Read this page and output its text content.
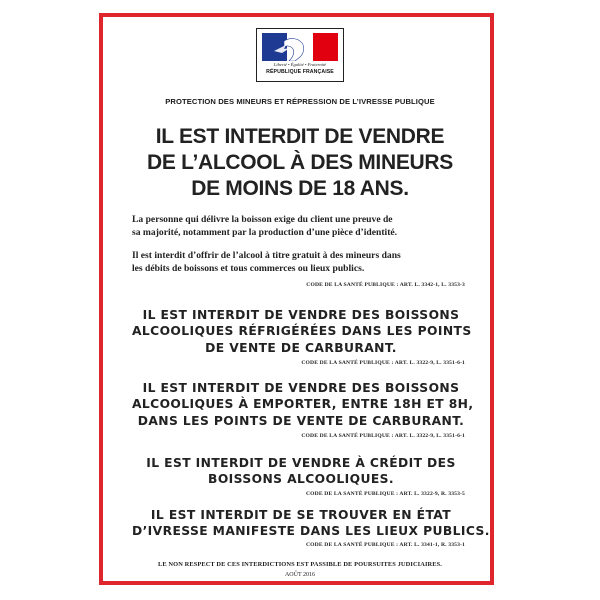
Liberté • Égalité • Fraternité
RÉPUBLIQUE FRANÇAISE
PROTECTION DES MINEURS ET RÉPRESSION DE L’IVRESSE PUBLIQUE
IL EST INTERDIT DE VENDRE
DE L’ALCOOL À DES MINEURS
DE MOINS DE 18 ANS.
La personne qui délivre la boisson exige du client une preuve de
sa majorité, notamment par la production d’une pièce d’identité.
Il est interdit d’offrir de l’alcool à titre gratuit à des mineurs dans
les débits de boissons et tous commerces ou lieux publics.
CODE DE LA SANTÉ PUBLIQUE : ART. L. 3342-1, L. 3353-3
IL EST INTERDIT DE VENDRE DES BOISSONS
ALCOOLIQUES RÉFRIGÉRÉES DANS LES POINTS
DE VENTE DE CARBURANT.
CODE DE LA SANTÉ PUBLIQUE : ART. L. 3322-9, L. 3351-6-1
IL EST INTERDIT DE VENDRE DES BOISSONS
ALCOOLIQUES À EMPORTER, ENTRE 18H ET 8H,
DANS LES POINTS DE VENTE DE CARBURANT.
CODE DE LA SANTÉ PUBLIQUE : ART. L. 3322-9, L. 3351-6-1
IL EST INTERDIT DE VENDRE À CRÉDIT DES
BOISSONS ALCOOLIQUES.
CODE DE LA SANTÉ PUBLIQUE : ART. L. 3322-9, R. 3353-5
IL EST INTERDIT DE SE TROUVER EN ÉTAT
D’IVRESSE MANIFESTE DANS LES LIEUX PUBLICS.
CODE DE LA SANTÉ PUBLIQUE : ART. L. 3341-1, R. 3353-1
LE NON RESPECT DE CES INTERDICTIONS EST PASSIBLE DE POURSUITES JUDICIAIRES.
AOÛT 2016
